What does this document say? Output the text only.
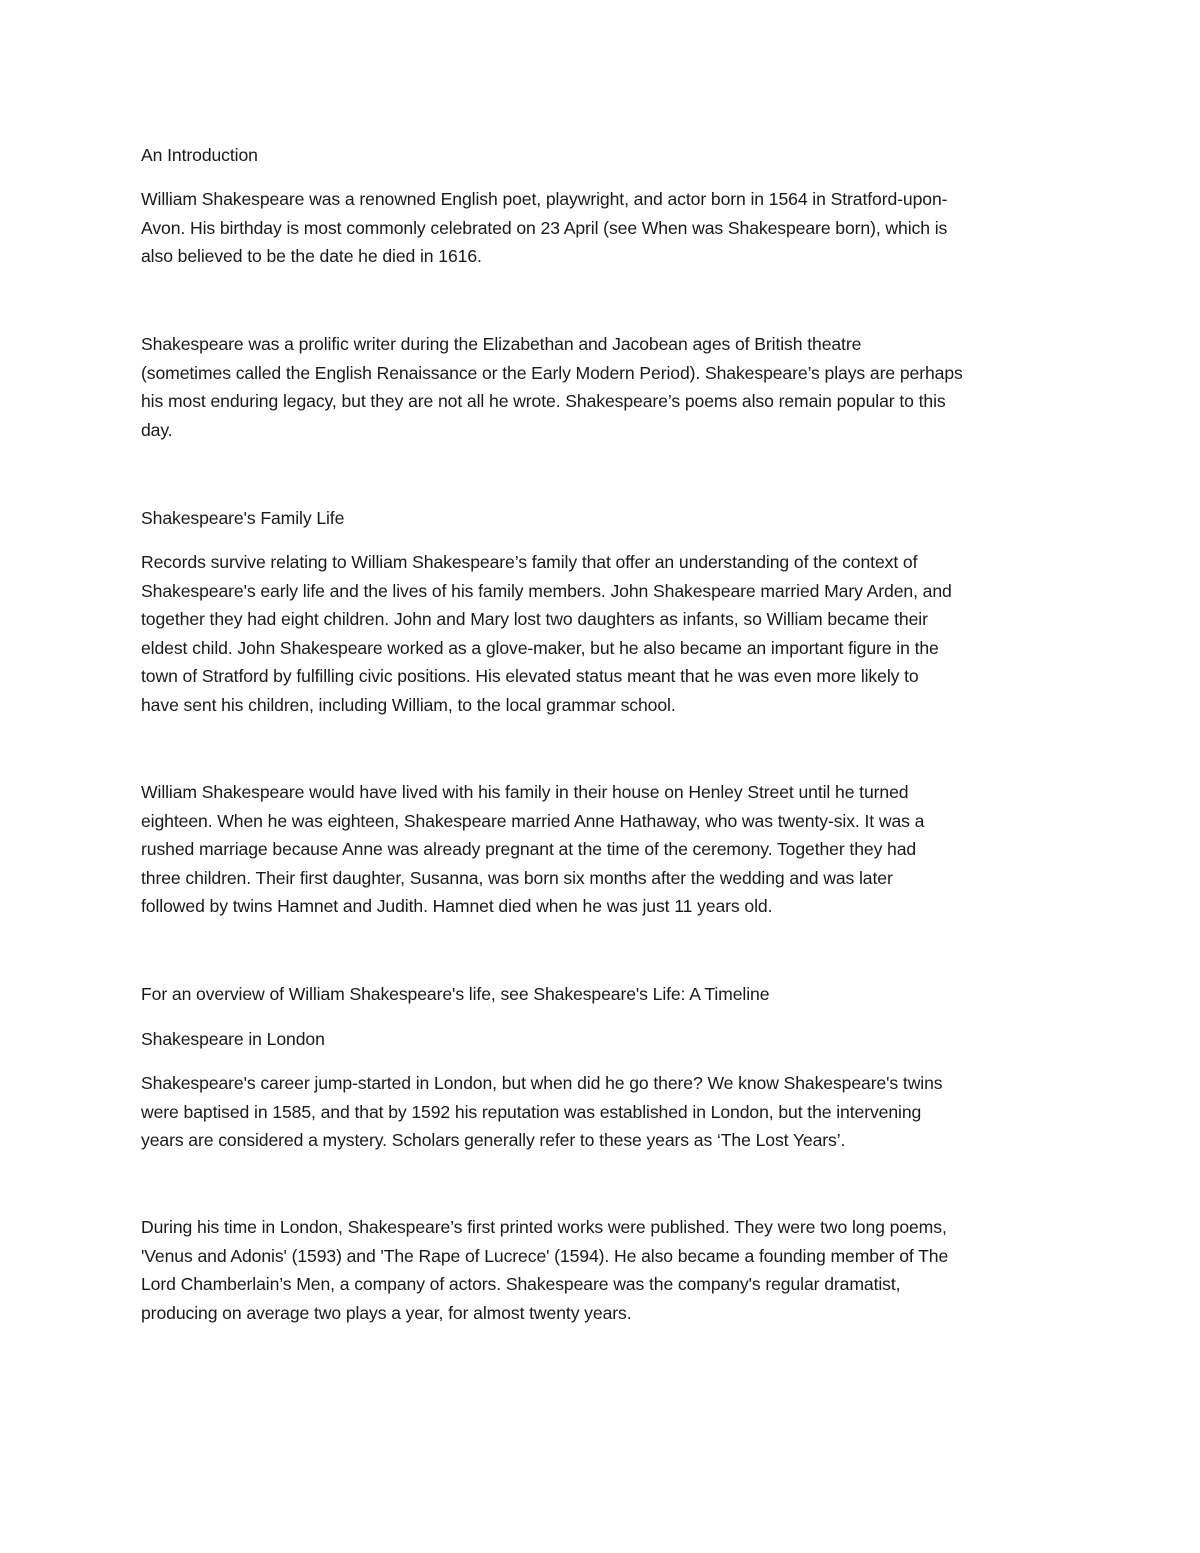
An Introduction

William Shakespeare was a renowned English poet, playwright, and actor born in 1564 in Stratford-upon-
Avon. His birthday is most commonly celebrated on 23 April (see When was Shakespeare born), which is
also believed to be the date he died in 1616.

Shakespeare was a prolific writer during the Elizabethan and Jacobean ages of British theatre
(sometimes called the English Renaissance or the Early Modern Period). Shakespeare’s plays are perhaps
his most enduring legacy, but they are not all he wrote. Shakespeare’s poems also remain popular to this
day.

Shakespeare's Family Life

Records survive relating to William Shakespeare’s family that offer an understanding of the context of
Shakespeare's early life and the lives of his family members. John Shakespeare married Mary Arden, and
together they had eight children. John and Mary lost two daughters as infants, so William became their
eldest child. John Shakespeare worked as a glove-maker, but he also became an important figure in the
town of Stratford by fulfilling civic positions. His elevated status meant that he was even more likely to
have sent his children, including William, to the local grammar school.

William Shakespeare would have lived with his family in their house on Henley Street until he turned
eighteen. When he was eighteen, Shakespeare married Anne Hathaway, who was twenty-six. It was a
rushed marriage because Anne was already pregnant at the time of the ceremony. Together they had
three children. Their first daughter, Susanna, was born six months after the wedding and was later
followed by twins Hamnet and Judith. Hamnet died when he was just 11 years old.

For an overview of William Shakespeare's life, see Shakespeare's Life: A Timeline

Shakespeare in London

Shakespeare's career jump-started in London, but when did he go there? We know Shakespeare's twins
were baptised in 1585, and that by 1592 his reputation was established in London, but the intervening
years are considered a mystery. Scholars generally refer to these years as ‘The Lost Years’.

During his time in London, Shakespeare’s first printed works were published. They were two long poems,
'Venus and Adonis' (1593) and 'The Rape of Lucrece' (1594). He also became a founding member of The
Lord Chamberlain’s Men, a company of actors. Shakespeare was the company's regular dramatist,
producing on average two plays a year, for almost twenty years.
